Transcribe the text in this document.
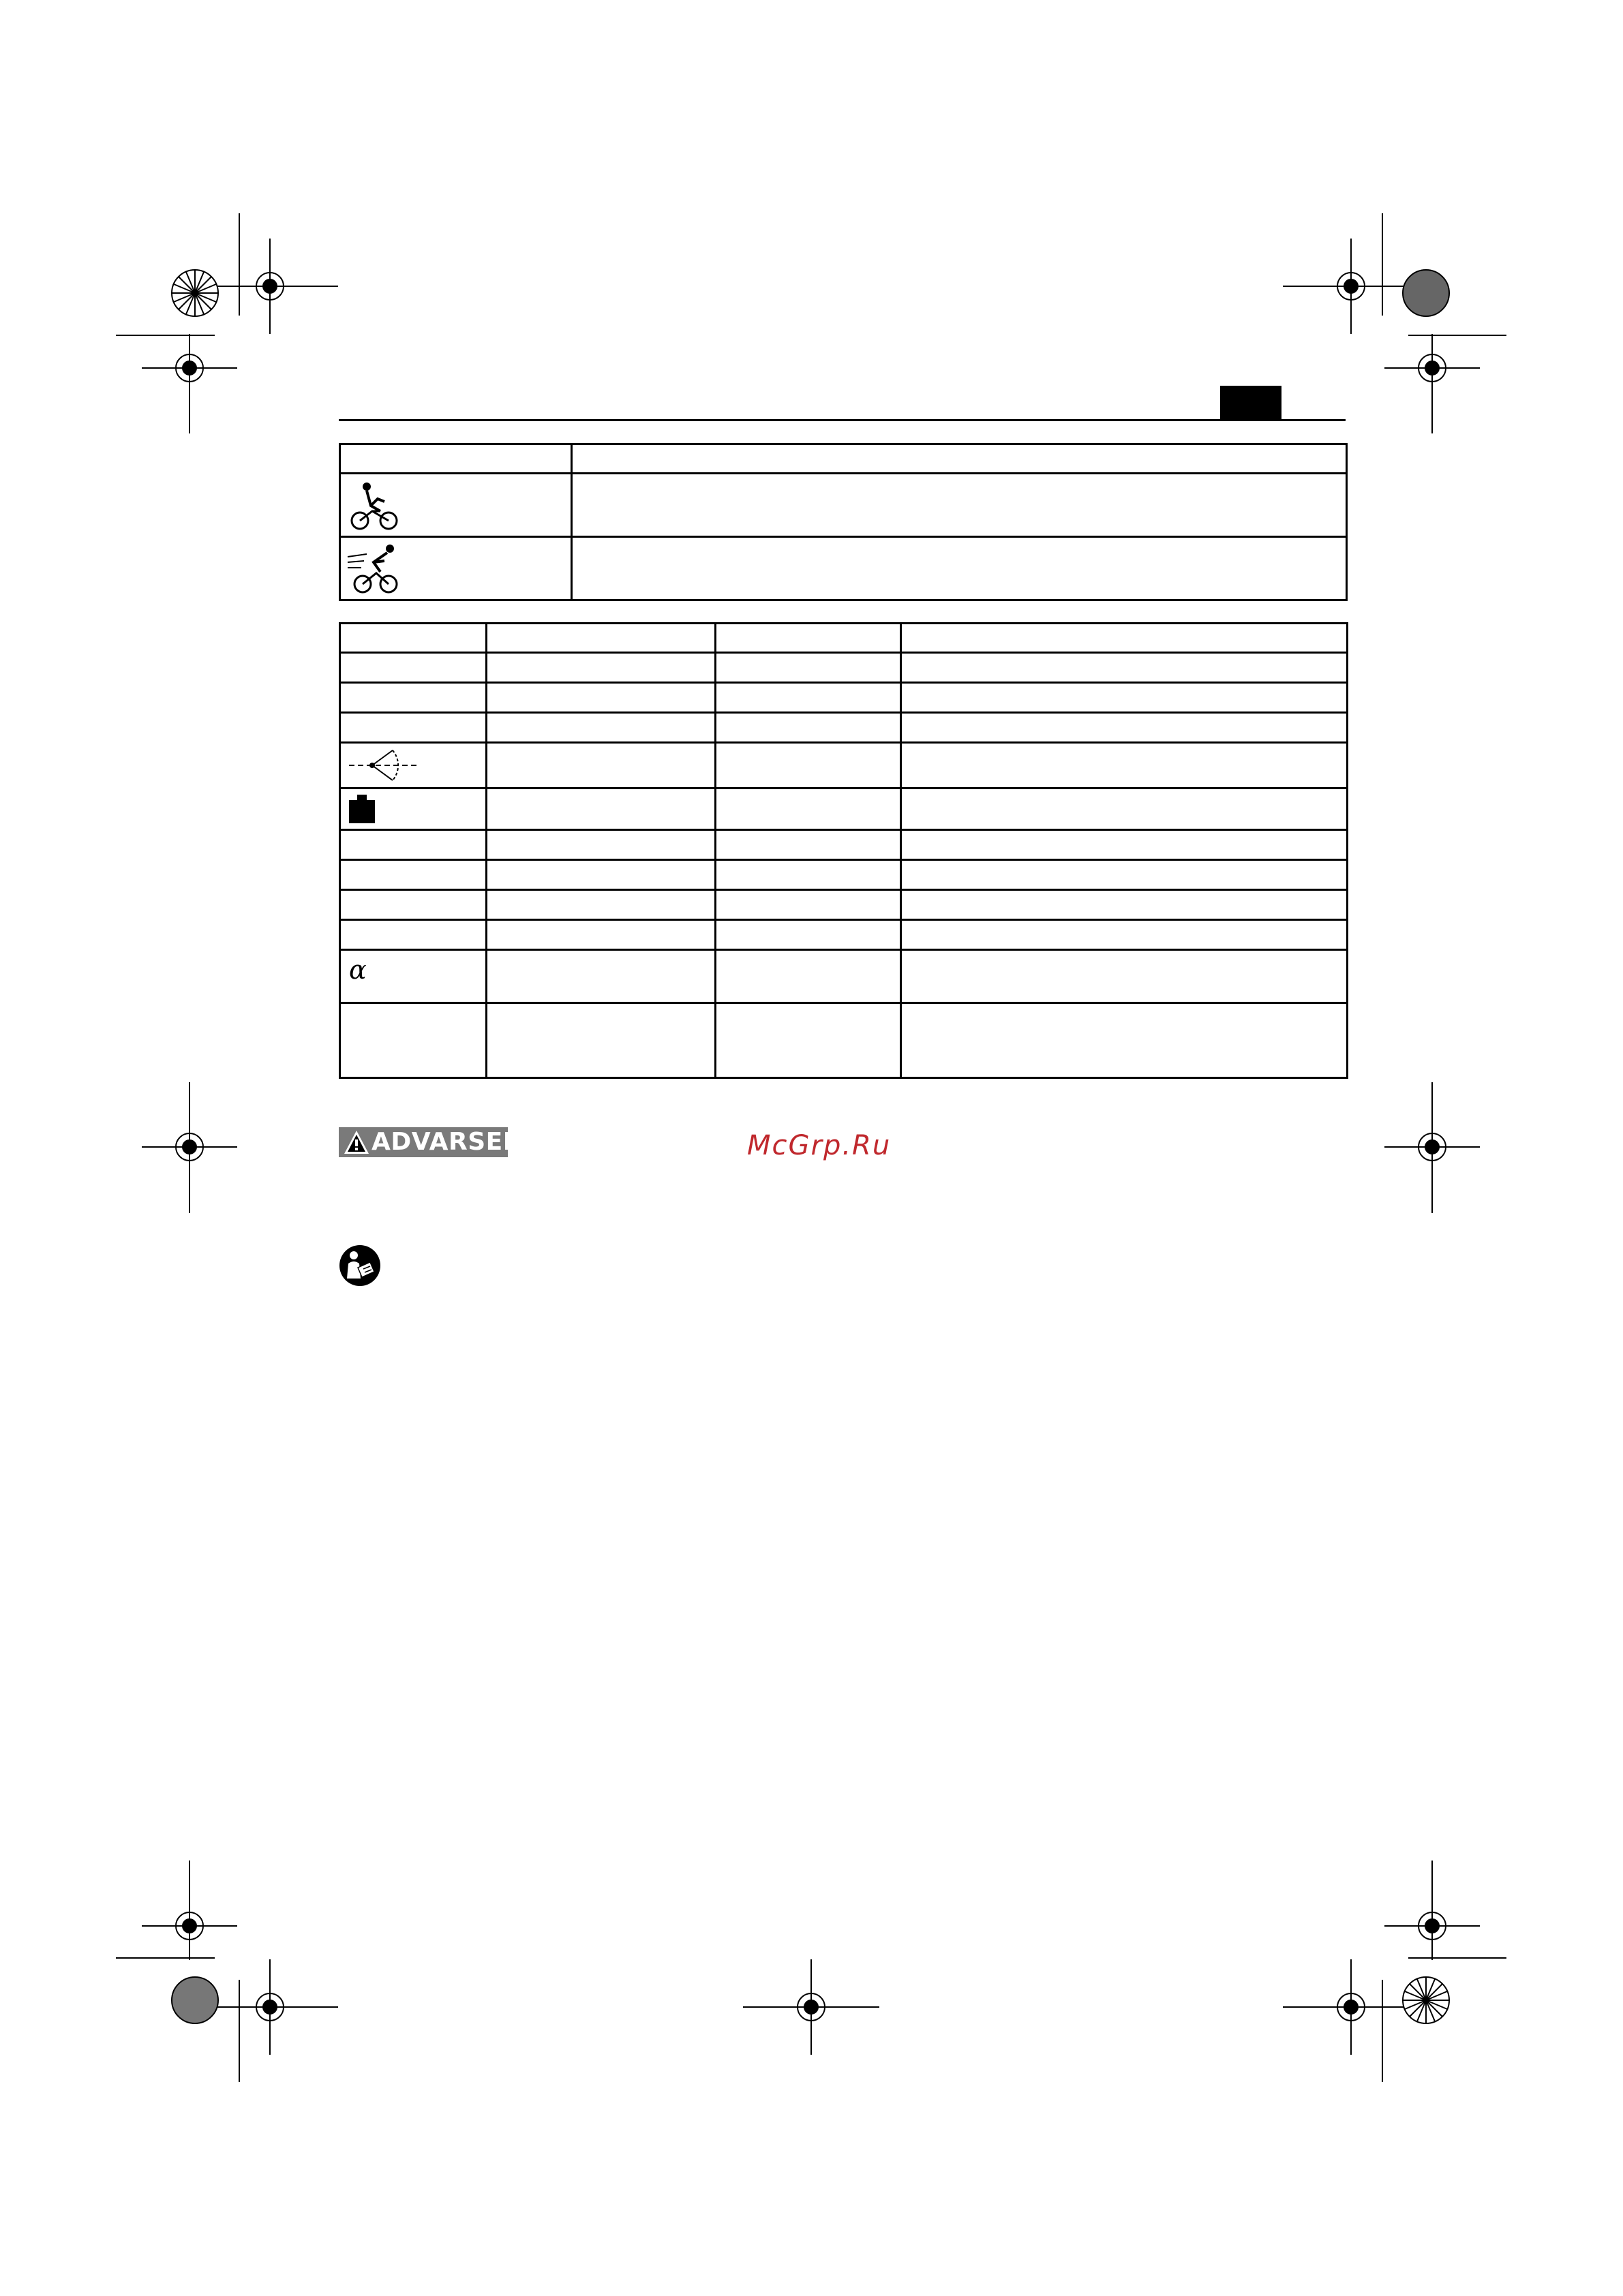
α			

ADVARSEL	McGrp.Ru
